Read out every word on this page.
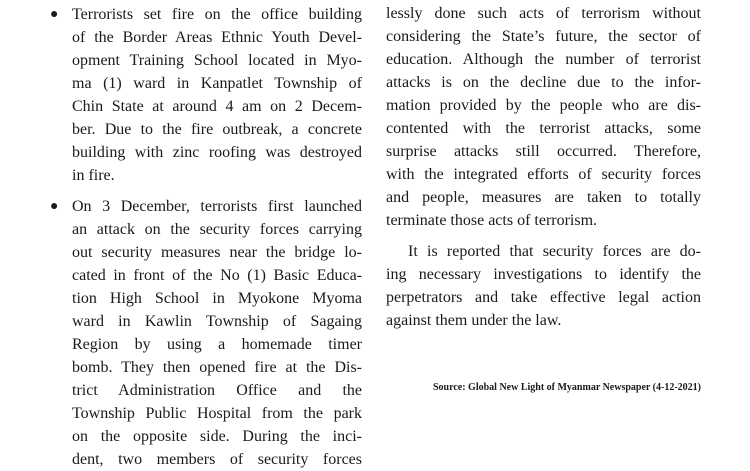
● Terrorists set fire on the office building
of the Border Areas Ethnic Youth Devel-
opment Training School located in Myo-
ma (1) ward in Kanpatlet Township of
Chin State at around 4 am on 2 Decem-
ber. Due to the fire outbreak, a concrete
building with zinc roofing was destroyed
in fire.
● On 3 December, terrorists first launched
an attack on the security forces carrying
out security measures near the bridge lo-
cated in front of the No (1) Basic Educa-
tion High School in Myokone Myoma
ward in Kawlin Township of Sagaing
Region by using a homemade timer
bomb. They then opened fire at the Dis-
trict Administration Office and the
Township Public Hospital from the park
on the opposite side. During the inci-
dent, two members of security forces
lessly done such acts of terrorism without
considering the State’s future, the sector of
education. Although the number of terrorist
attacks is on the decline due to the infor-
mation provided by the people who are dis-
contented with the terrorist attacks, some
surprise attacks still occurred. Therefore,
with the integrated efforts of security forces
and people, measures are taken to totally
terminate those acts of terrorism.
It is reported that security forces are do-
ing necessary investigations to identify the
perpetrators and take effective legal action
against them under the law.
Source: Global New Light of Myanmar Newspaper (4-12-2021)
